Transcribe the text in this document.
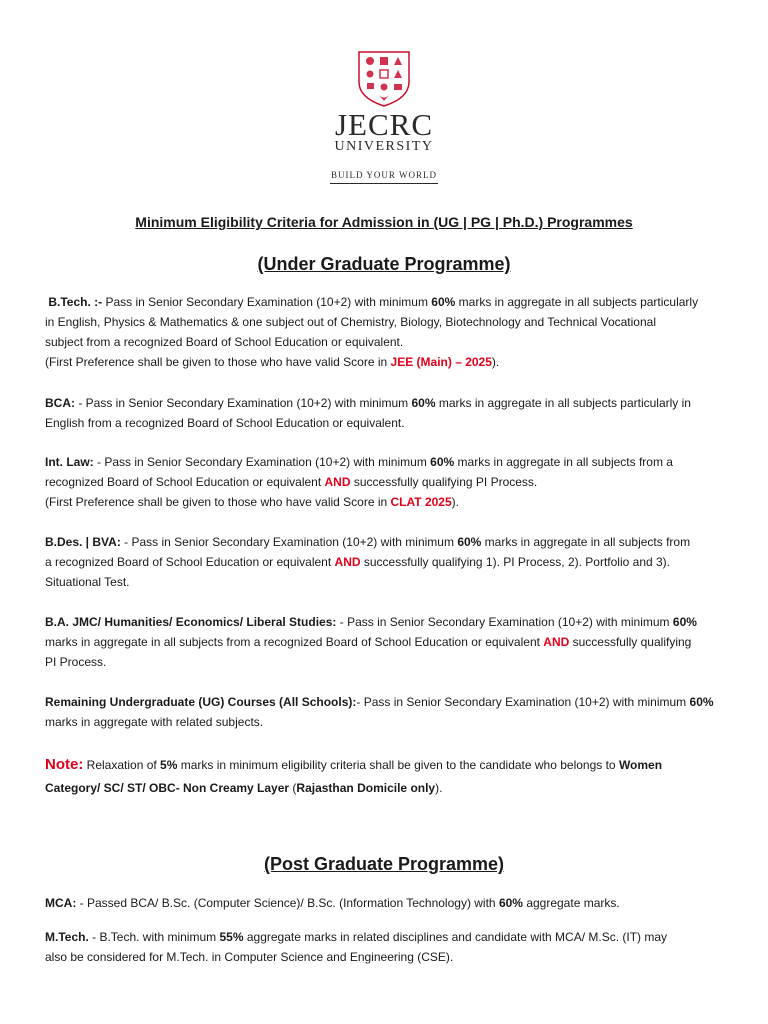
JECRC
UNIVERSITY
BUILD YOUR WORLD
Minimum Eligibility Criteria for Admission in (UG | PG | Ph.D.) Programmes
(Under Graduate Programme)
B.Tech. :- Pass in Senior Secondary Examination (10+2) with minimum 60% marks in aggregate in all subjects particularly
in English, Physics & Mathematics & one subject out of Chemistry, Biology, Biotechnology and Technical Vocational
subject from a recognized Board of School Education or equivalent.
(First Preference shall be given to those who have valid Score in JEE (Main) – 2025).
BCA: - Pass in Senior Secondary Examination (10+2) with minimum 60% marks in aggregate in all subjects particularly in
English from a recognized Board of School Education or equivalent.
Int. Law: - Pass in Senior Secondary Examination (10+2) with minimum 60% marks in aggregate in all subjects from a
recognized Board of School Education or equivalent AND successfully qualifying PI Process.
(First Preference shall be given to those who have valid Score in CLAT 2025).
B.Des. | BVA: - Pass in Senior Secondary Examination (10+2) with minimum 60% marks in aggregate in all subjects from
a recognized Board of School Education or equivalent AND successfully qualifying 1). PI Process, 2). Portfolio and 3).
Situational Test.
B.A. JMC/ Humanities/ Economics/ Liberal Studies: - Pass in Senior Secondary Examination (10+2) with minimum 60%
marks in aggregate in all subjects from a recognized Board of School Education or equivalent AND successfully qualifying
PI Process.
Remaining Undergraduate (UG) Courses (All Schools):- Pass in Senior Secondary Examination (10+2) with minimum 60%
marks in aggregate with related subjects.
Note: Relaxation of 5% marks in minimum eligibility criteria shall be given to the candidate who belongs to Women
Category/ SC/ ST/ OBC- Non Creamy Layer (Rajasthan Domicile only).
(Post Graduate Programme)
MCA: - Passed BCA/ B.Sc. (Computer Science)/ B.Sc. (Information Technology) with 60% aggregate marks.
M.Tech. - B.Tech. with minimum 55% aggregate marks in related disciplines and candidate with MCA/ M.Sc. (IT) may
also be considered for M.Tech. in Computer Science and Engineering (CSE).
